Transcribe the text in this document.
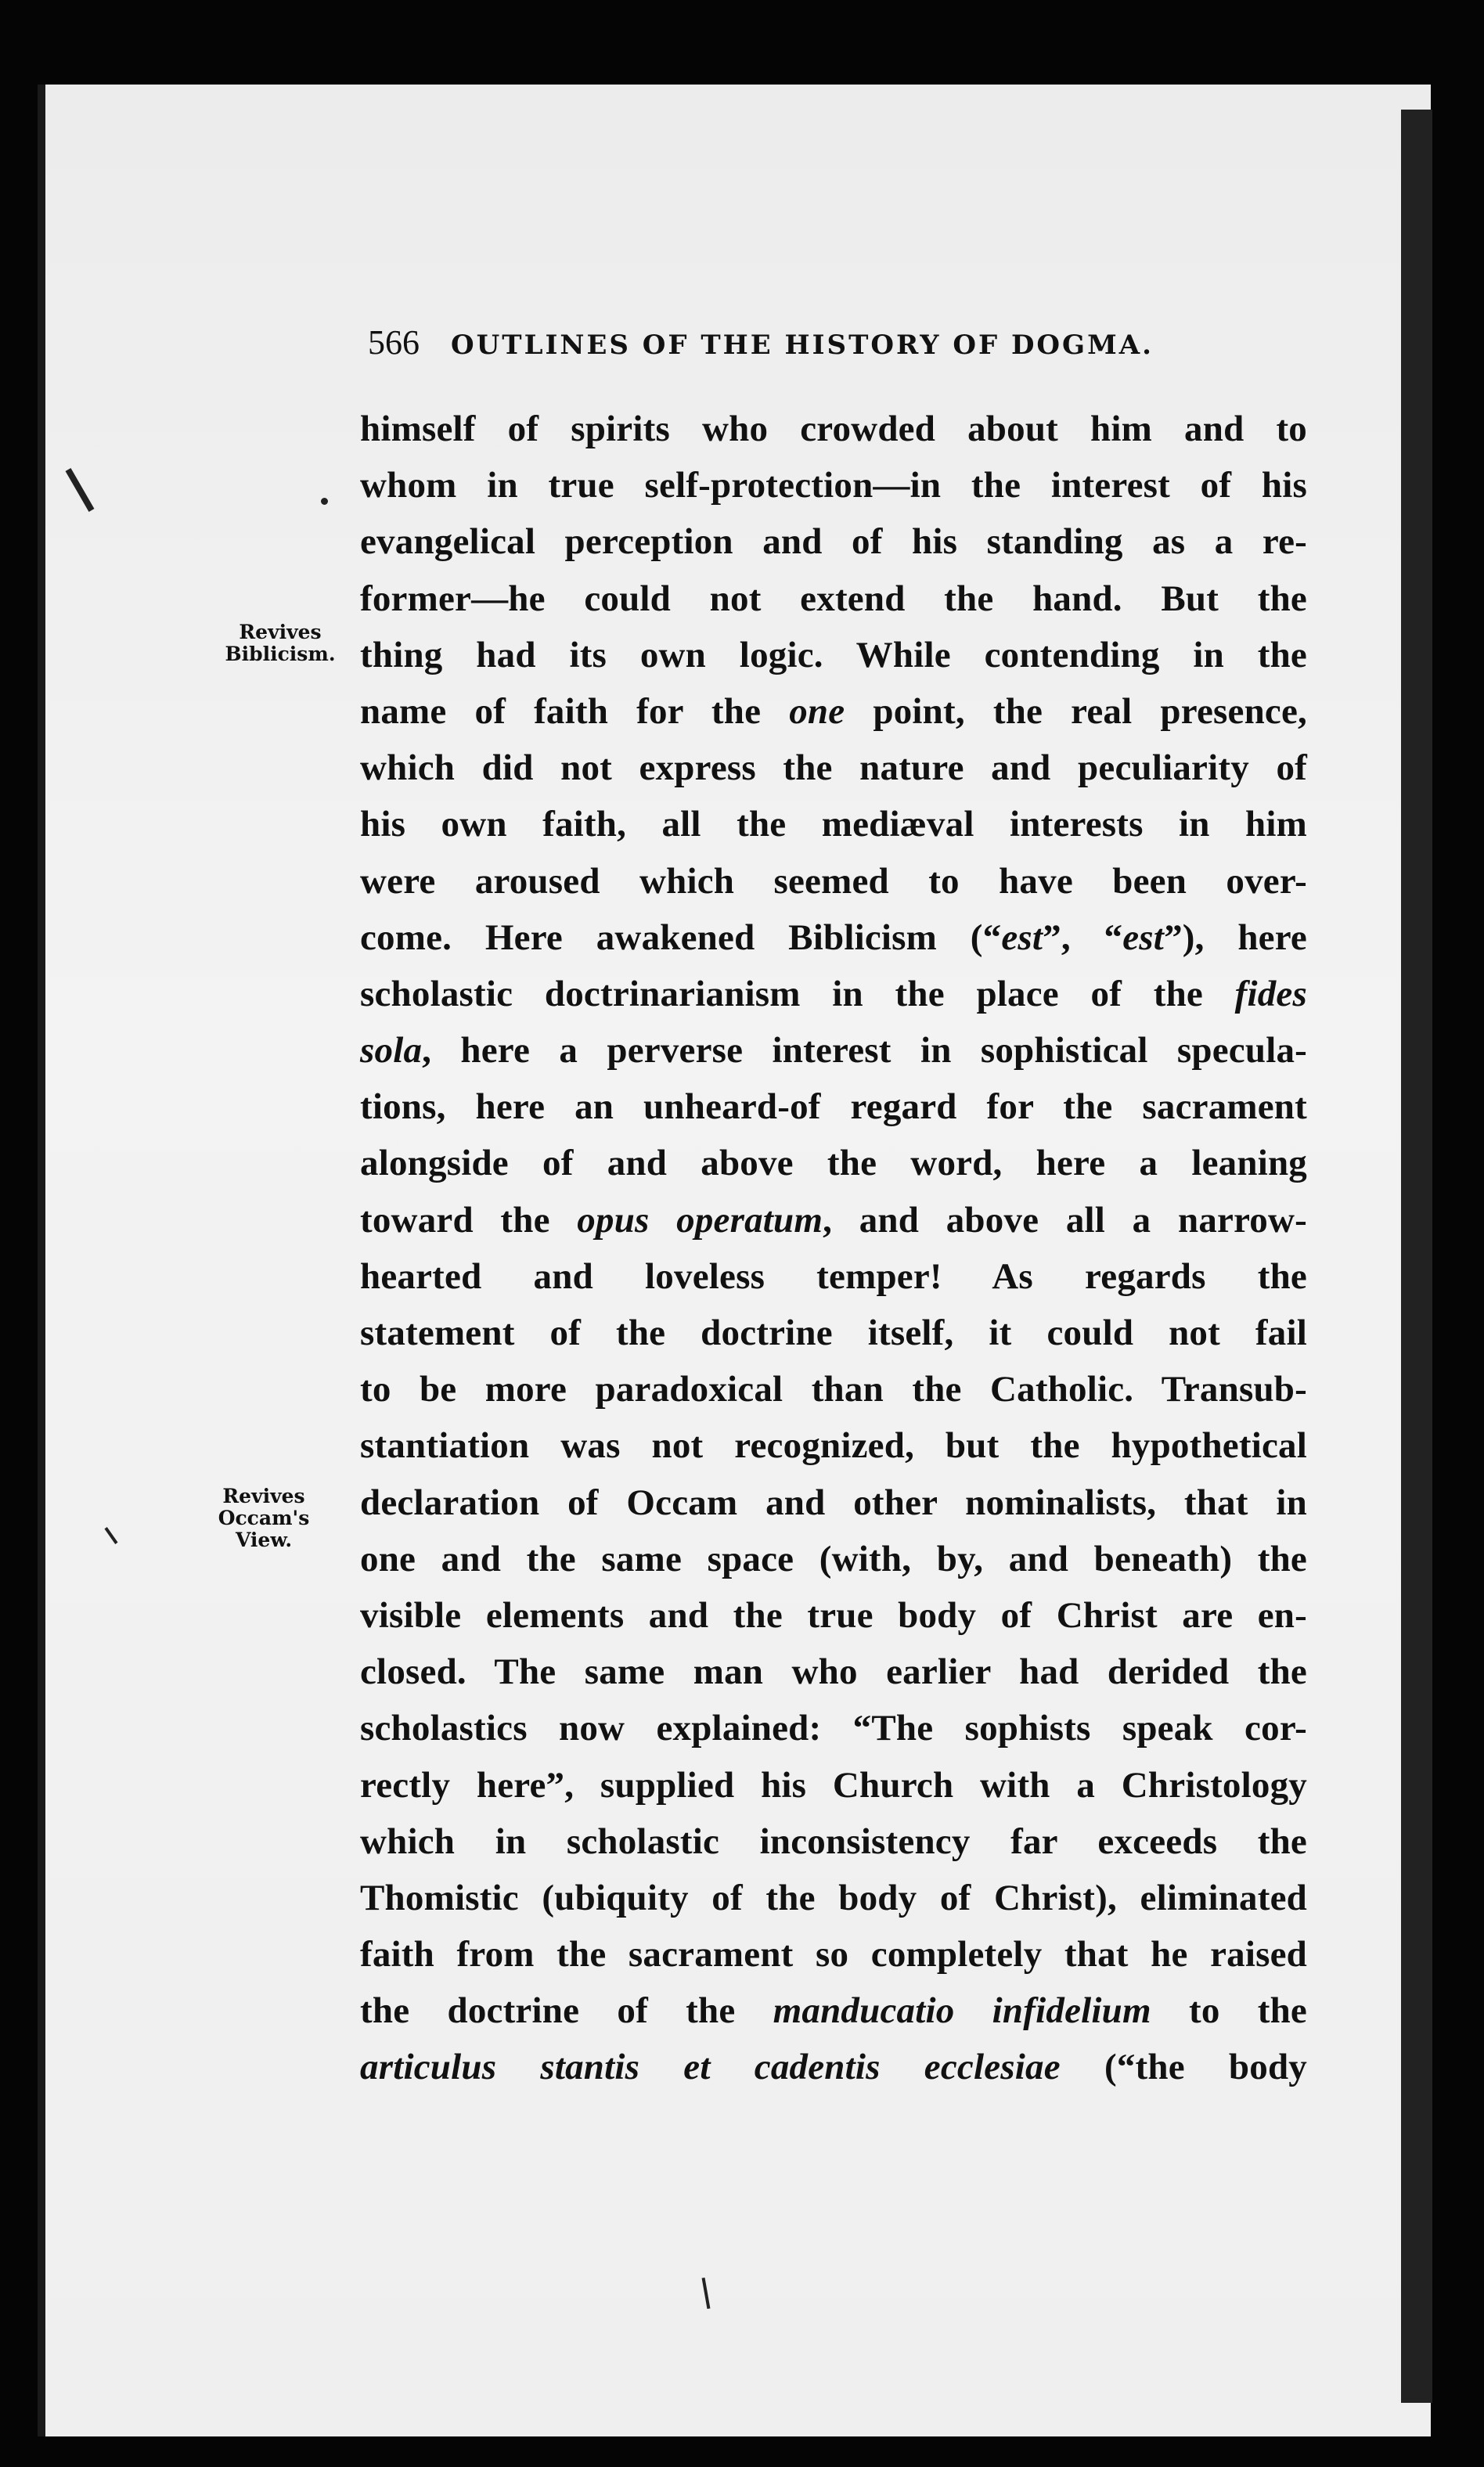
566 OUTLINES OF THE HISTORY OF DOGMA.
Revives
Biblicism.
Revives
Occam's
View.
himself of spirits who crowded about him and to
whom in true self-protection—in the interest of his
evangelical perception and of his standing as a re-
former—he could not extend the hand. But the
thing had its own logic. While contending in the
name of faith for the one point, the real presence,
which did not express the nature and peculiarity of
his own faith, all the mediæval interests in him
were aroused which seemed to have been over-
come. Here awakened Biblicism (“est”, “est”), here
scholastic doctrinarianism in the place of the fides
sola, here a perverse interest in sophistical specula-
tions, here an unheard-of regard for the sacrament
alongside of and above the word, here a leaning
toward the opus operatum, and above all a narrow-
hearted and loveless temper! As regards the
statement of the doctrine itself, it could not fail
to be more paradoxical than the Catholic. Transub-
stantiation was not recognized, but the hypothetical
declaration of Occam and other nominalists, that in
one and the same space (with, by, and beneath) the
visible elements and the true body of Christ are en-
closed. The same man who earlier had derided the
scholastics now explained: “The sophists speak cor-
rectly here”, supplied his Church with a Christology
which in scholastic inconsistency far exceeds the
Thomistic (ubiquity of the body of Christ), eliminated
faith from the sacrament so completely that he raised
the doctrine of the manducatio infidelium to the
articulus stantis et cadentis ecclesiae (“the body
